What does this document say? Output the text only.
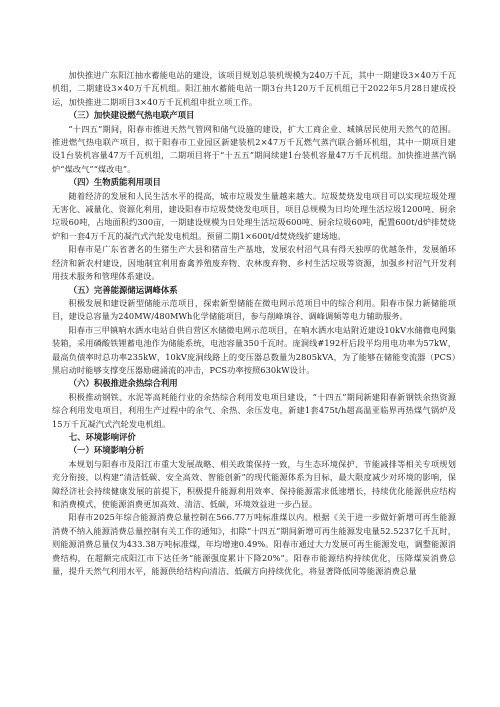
加快推进广东阳江抽水蓄能电站的建设，该项目规划总装机规模为240万千瓦，其中一期建设3×40万千瓦机组，二期建设3×40万千瓦机组。阳江抽水蓄能电站一期3台共120万千瓦机组已于2022年5月28日建成投运，加快推进二期项目3×40万千瓦机组申批立项工作。
（三）加快建设燃气热电联产项目
“十四五”期间，阳春市推进天然气管网和储气设施的建设，扩大工商企业、城镇居民使用天然气的范围。推进燃气热电联产项目，拟于阳春市工业园区新建装机2×47万千瓦燃气蒸汽联合循环机组，其中一期项目建设1台装机容量47万千瓦机组，二期项目将于“十五五”期间续建1台装机容量47万千瓦机组。加快推进蒸汽锅炉“煤改气”“煤改电”。
（四）生物质能利用项目
随着经济的发展和人民生活水平的提高，城市垃圾发生量越来越大。垃圾焚烧发电项目可以实现垃圾处理无害化、减量化、资源化利用，建设阳春市垃圾焚烧发电项目，项目总规模为日均处理生活垃圾1200吨、厨余垃圾60吨，占地面积约300亩，一期建设规模为日处理生活垃圾600吨、厨余垃圾60吨，配置600t/d炉排焚烧炉和一套4万千瓦的凝汽式汽轮发电机组。预留二期1×600t/d焚烧线扩建场地。
阳春市是广东省著名的生猪生产大县和猪苗生产基地，发展农村沼气具有得天独厚的优越条件，发展循环经济和新农村建设，因地制宜利用畜禽养殖废弃物、农林废弃物、乡村生活垃圾等资源，加强乡村沼气开发利用技术服务和管理体系建设。
（五）完善能源储运调峰体系
积极发展和建设新型储能示范项目，探索新型储能在微电网示范项目中的综合利用。阳春市保力新储能项目，建设总容量为240MW/480MWh化学储能项目，参与削峰填谷、调峰调频等电力辅助服务。
阳春市三甲镇响水洒水电站自供自营区水储微电网示范项目，在响水洒水电站附近建设10kV水储微电网集装箱，采用磷酸铁锂蓄电池作为储能系统，电池容量350千瓦时。庞洞线#192杆后段平均用电功率为57kW，最高负债率时总功率235kW，10kV庞洞线路上的变压器总数量为2805kVA，为了能够在储能变流器（PCS）黑启动时能够支撑变压器励磁涌流的冲击，PCS功率按照630kW设计。
（六）积极推进余热综合利用
积极推动钢铁、水泥等高耗能行业的余热综合利用发电项目建设，“十四五”期间新建阳春新钢铁余热资源综合利用发电项目，利用生产过程中的余气、余热、余压发电，新建1套475t/h超高温亚临界再热煤气锅炉及15万千瓦凝汽式汽轮发电机组。
七、环境影响评价
（一）环境影响分析
本规划与阳春市及阳江市重大发展战略、相关政策保持一致，与生态环境保护、节能减排等相关专项规划充分衔接，以构建“清洁低碳、安全高效、智能创新”的现代能源体系为目标，最大限度减少对环境的影响，保障经济社会持续健康发展的前提下，积极提升能源利用效率、保持能源需求低速增长，持续优化能源供应结构和消费模式，使能源消费更加高效、清洁、低碳，环境效益进一步凸显。
阳春市2025年综合能源消费总量控制在566.77万吨标准煤以内。根据《关于进一步做好新增可再生能源消费不纳入能源消费总量控制有关工作的通知》，扣除“十四五”期间新增可再生能源发电量52.5237亿千瓦时，则能源消费总量仅为433.38万吨标准煤，年均增速0.49%。阳春市通过大力发展可再生能源发电，调整能源消费结构，在超额完成阳江市下达任务“能源强度累计下降20%”。阳春市能源结构持续优化，压降煤炭消费总量，提升天然气利用水平，能源供给结构向清洁、低碳方向持续优化，将显著降低同等能源消费总量
